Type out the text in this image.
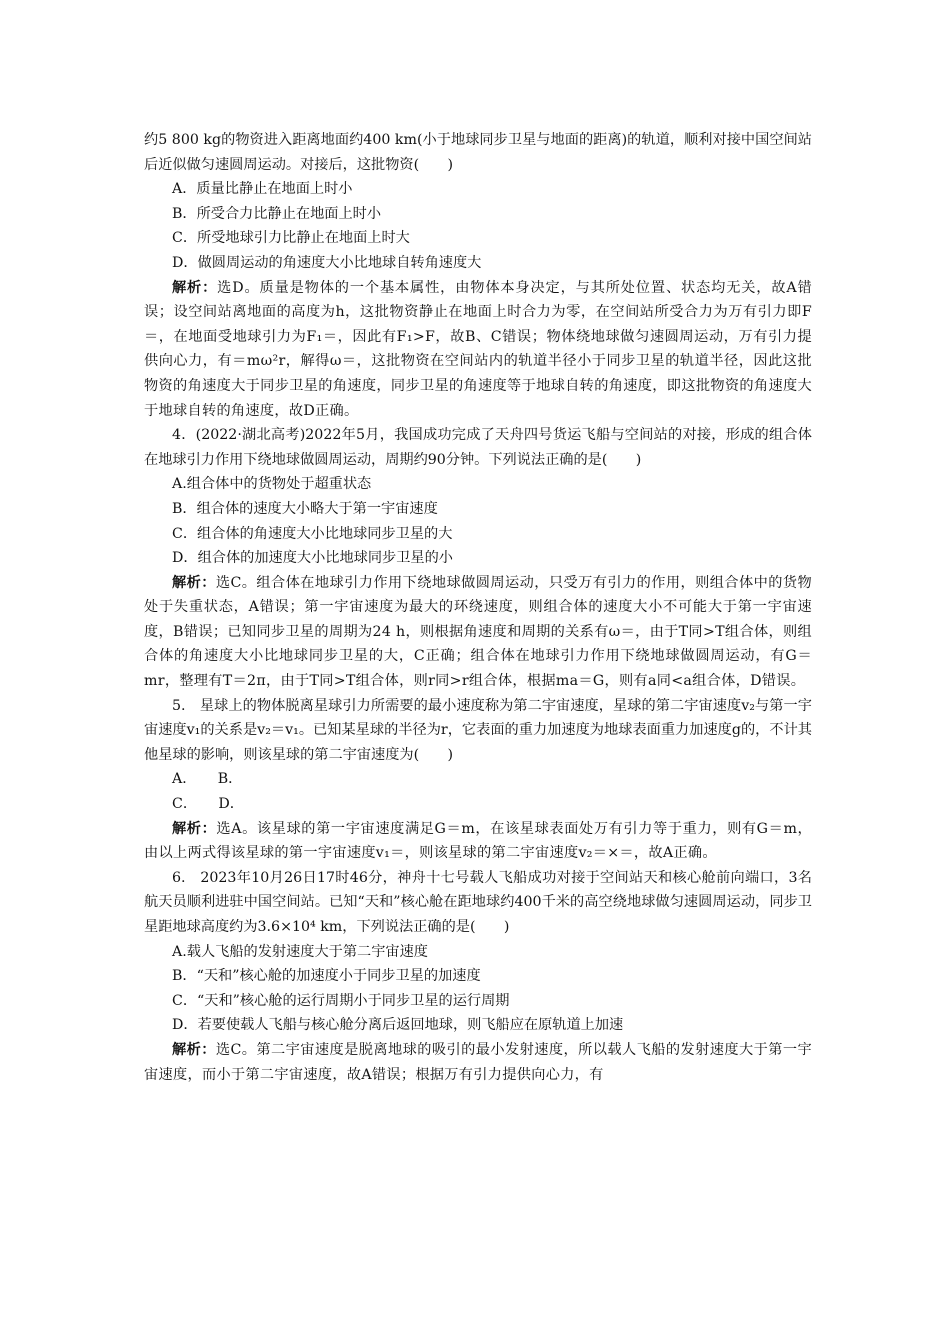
约5 800 kg的物资进入距离地面约400 km(小于地球同步卫星与地面的距离)的轨道，顺利对接中国空间站后近似做匀速圆周运动。对接后，这批物资(　　)

A．质量比静止在地面上时小

B．所受合力比静止在地面上时小

C．所受地球引力比静止在地面上时大

D．做圆周运动的角速度大小比地球自转角速度大

解析：选D。质量是物体的一个基本属性，由物体本身决定，与其所处位置、状态均无关，故A错误；设空间站离地面的高度为h，这批物资静止在地面上时合力为零，在空间站所受合力为万有引力即F＝，在地面受地球引力为F₁＝，因此有F₁>F，故B、C错误；物体绕地球做匀速圆周运动，万有引力提供向心力，有＝mω²r，解得ω＝，这批物资在空间站内的轨道半径小于同步卫星的轨道半径，因此这批物资的角速度大于同步卫星的角速度，同步卫星的角速度等于地球自转的角速度，即这批物资的角速度大于地球自转的角速度，故D正确。

4．(2022·湖北高考)2022年5月，我国成功完成了天舟四号货运飞船与空间站的对接，形成的组合体在地球引力作用下绕地球做圆周运动，周期约90分钟。下列说法正确的是(　　)

A.组合体中的货物处于超重状态

B．组合体的速度大小略大于第一宇宙速度

C．组合体的角速度大小比地球同步卫星的大

D．组合体的加速度大小比地球同步卫星的小

解析：选C。组合体在地球引力作用下绕地球做圆周运动，只受万有引力的作用，则组合体中的货物处于失重状态，A错误；第一宇宙速度为最大的环绕速度，则组合体的速度大小不可能大于第一宇宙速度，B错误；已知同步卫星的周期为24 h，则根据角速度和周期的关系有ω＝，由于T同>T组合体，则组合体的角速度大小比地球同步卫星的大，C正确；组合体在地球引力作用下绕地球做圆周运动，有G＝mr，整理有T＝2π，由于T同>T组合体，则r同>r组合体，根据ma＝G，则有a同<a组合体，D错误。

5.　星球上的物体脱离星球引力所需要的最小速度称为第二宇宙速度，星球的第二宇宙速度v₂与第一宇宙速度v₁的关系是v₂＝v₁。已知某星球的半径为r，它表面的重力加速度为地球表面重力加速度g的，不计其他星球的影响，则该星球的第二宇宙速度为(　　)

A．　　B．

C．　　D．

解析：选A。该星球的第一宇宙速度满足G＝m，在该星球表面处万有引力等于重力，则有G＝m，由以上两式得该星球的第一宇宙速度v₁＝，则该星球的第二宇宙速度v₂＝×＝，故A正确。

6.　2023年10月26日17时46分，神舟十七号载人飞船成功对接于空间站天和核心舱前向端口，3名航天员顺利进驻中国空间站。已知“天和”核心舱在距地球约400千米的高空绕地球做匀速圆周运动，同步卫星距地球高度约为3.6×10⁴ km，下列说法正确的是(　　)

A.载人飞船的发射速度大于第二宇宙速度

B．“天和”核心舱的加速度小于同步卫星的加速度

C．“天和”核心舱的运行周期小于同步卫星的运行周期

D．若要使载人飞船与核心舱分离后返回地球，则飞船应在原轨道上加速

解析：选C。第二宇宙速度是脱离地球的吸引的最小发射速度，所以载人飞船的发射速度大于第一宇宙速度，而小于第二宇宙速度，故A错误；根据万有引力提供向心力，有
